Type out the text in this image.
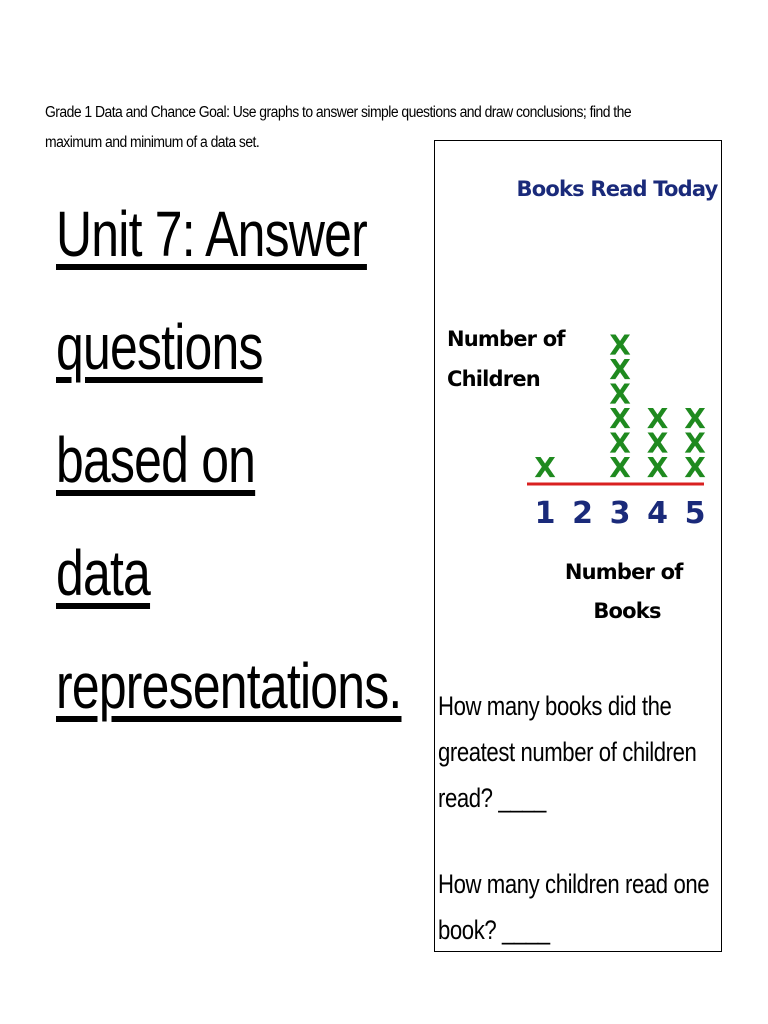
Grade 1 Data and Chance Goal: Use graphs to answer simple questions and draw conclusions; find the maximum and minimum of a data set.

Unit 7: Answer
questions
based on
data
representations.
Books Read Today
Number of Children
1 2 3 4 5
X X
X
X
X
X
X
X
X
X
X
X
X
Number of Books

How many books did the greatest number of children read? ____

How many children read one book? ____
